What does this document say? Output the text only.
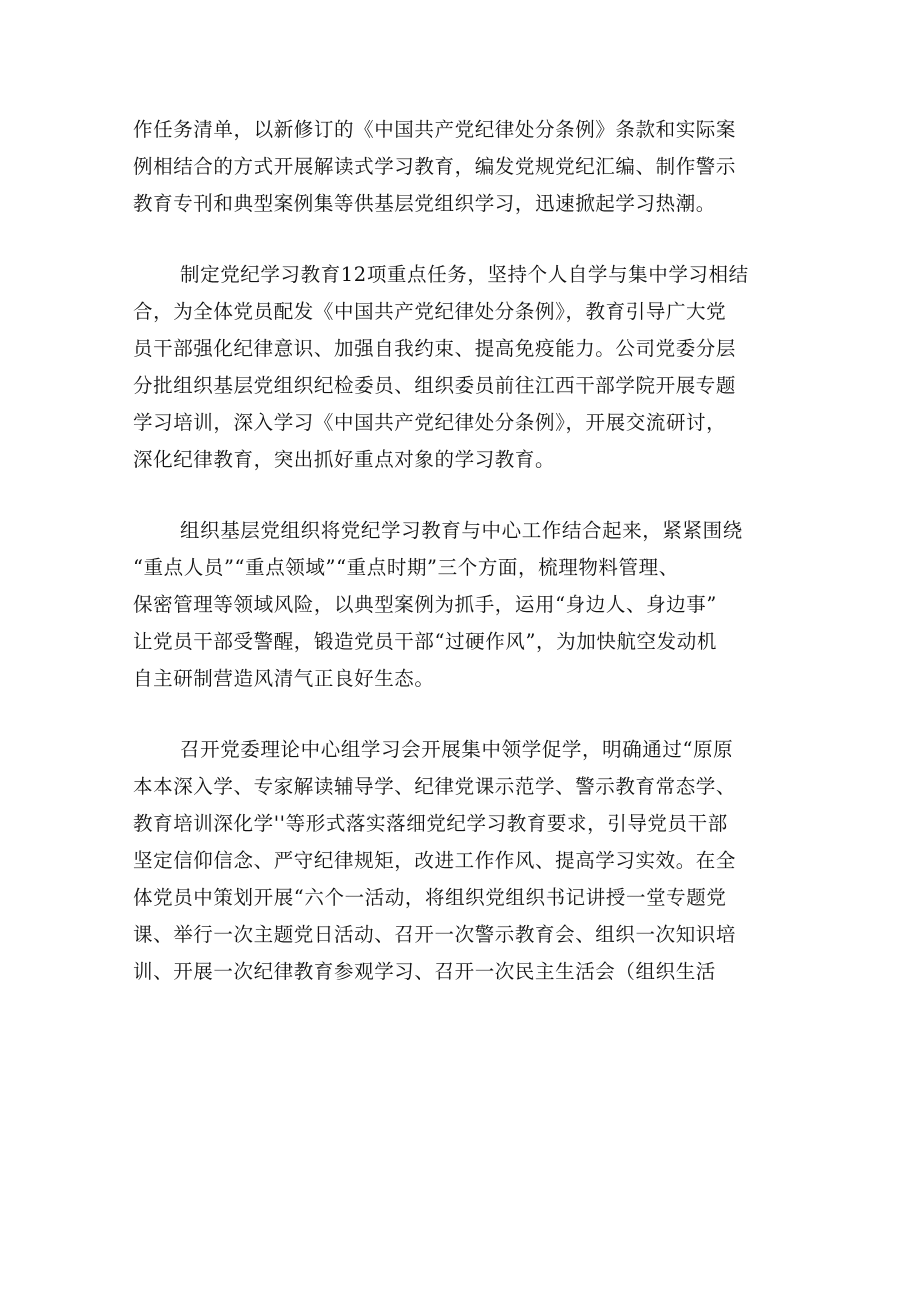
作任务清单，以新修订的《中国共产党纪律处分条例》条款和实际案
例相结合的方式开展解读式学习教育，编发党规党纪汇编、制作警示
教育专刊和典型案例集等供基层党组织学习，迅速掀起学习热潮。

制定党纪学习教育12项重点任务，坚持个人自学与集中学习相结
合，为全体党员配发《中国共产党纪律处分条例》，教育引导广大党
员干部强化纪律意识、加强自我约束、提高免疫能力。公司党委分层
分批组织基层党组织纪检委员、组织委员前往江西干部学院开展专题
学习培训，深入学习《中国共产党纪律处分条例》，开展交流研讨，
深化纪律教育，突出抓好重点对象的学习教育。

组织基层党组织将党纪学习教育与中心工作结合起来，紧紧围绕
“重点人员”“重点领域”“重点时期”三个方面，梳理物料管理、
保密管理等领域风险，以典型案例为抓手，运用“身边人、身边事”
让党员干部受警醒，锻造党员干部“过硬作风”，为加快航空发动机
自主研制营造风清气正良好生态。

召开党委理论中心组学习会开展集中领学促学，明确通过“原原
本本深入学、专家解读辅导学、纪律党课示范学、警示教育常态学、
教育培训深化学''等形式落实落细党纪学习教育要求，引导党员干部
坚定信仰信念、严守纪律规矩，改进工作作风、提高学习实效。在全
体党员中策划开展“六个一活动，将组织党组织书记讲授一堂专题党
课、举行一次主题党日活动、召开一次警示教育会、组织一次知识培
训、开展一次纪律教育参观学习、召开一次民主生活会（组织生活
